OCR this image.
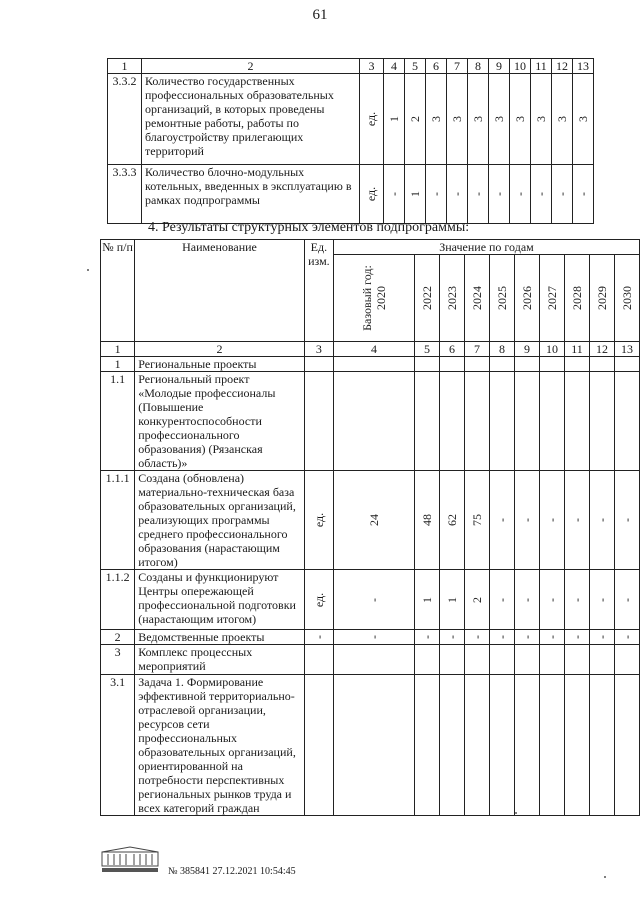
61
1	2	3	4	5	6	7	8	9	10	11	12	13
3.3.2	Количество государственных профессиональных образовательных организаций, в которых проведены ремонтные работы, работы по благоустройству прилегающих территорий	ед.	1	2	3	3	3	3	3	3	3	3
3.3.3	Количество блочно-модульных котельных, введенных в эксплуатацию в рамках подпрограммы	ед.	-	1	-	-	-	-	-	-	-	-
4. Результаты структурных элементов подпрограммы:
№ п/п	Наименование	Ед. изм.	Значение по годам									
			Базовый год: 2020	2022	2023	2024	2025	2026	2027	2028	2029	2030
1	2	3	4	5	6	7	8	9	10	11	12	13
1	Региональные проекты											
1.1	Региональный проект «Молодые профессионалы (Повышение конкурентоспособности профессионального образования) (Рязанская область)»											
1.1.1	Создана (обновлена) материально-техническая база образовательных организаций, реализующих программы среднего профессионального образования (нарастающим итогом)	ед.	24	48	62	75	-	-	-	-	-	-
1.1.2	Созданы и функционируют Центры опережающей профессиональной подготовки (нарастающим итогом)	ед.	-	1	1	2	-	-	-	-	-	-
2	Ведомственные проекты	-	-	-	-	-	-	-	-	-	-	-
3	Комплекс процессных мероприятий											
3.1	Задача 1. Формирование эффективной территориально-отраслевой организации, ресурсов сети профессиональных образовательных организаций, ориентированной на потребности перспективных региональных рынков труда и всех категорий граждан											
№ 385841 27.12.2021 10:54:45
